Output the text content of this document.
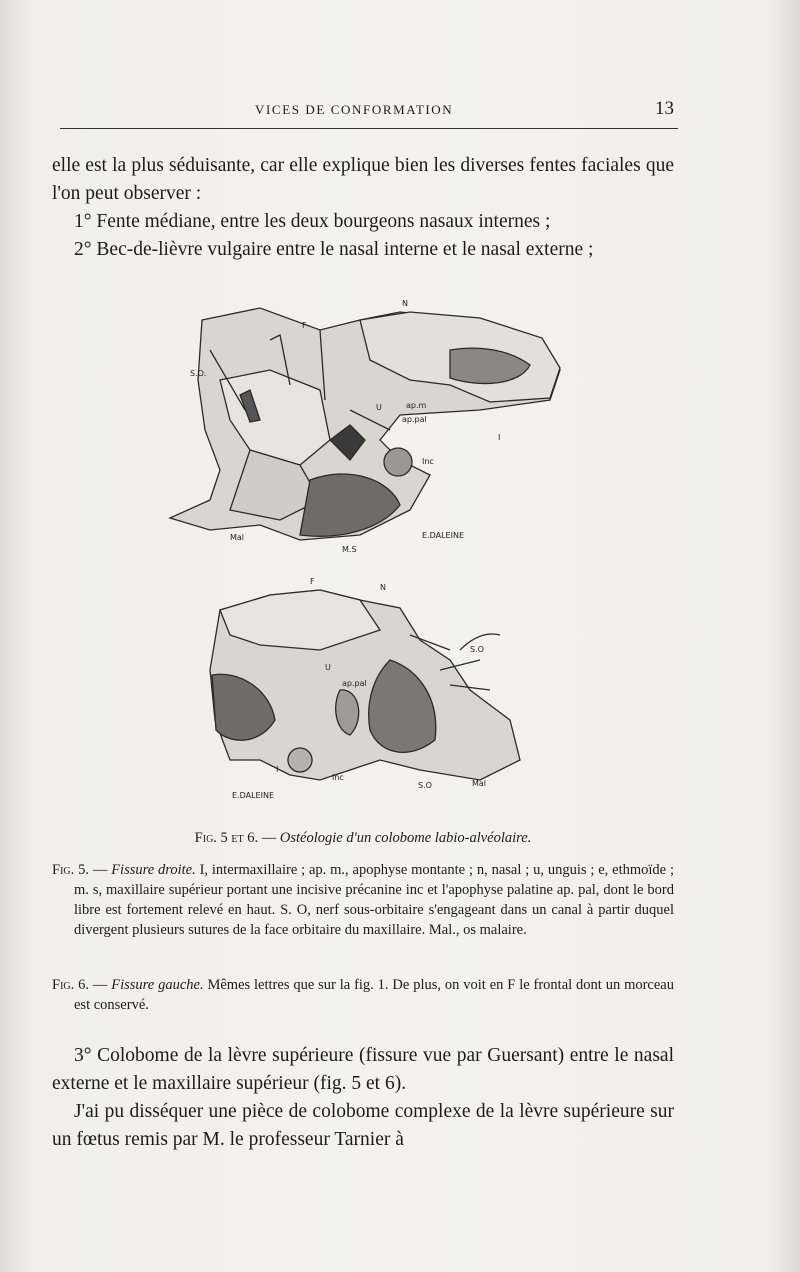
VICES DE CONFORMATION	13

elle est la plus séduisante, car elle explique bien les diverses fentes faciales que l'on peut observer :

1° Fente médiane, entre les deux bourgeons nasaux internes ;

2° Bec-de-lièvre vulgaire entre le nasal interne et le nasal externe ;

N
F
S.O.
U	ap.m
ap.pal
I
Inc
Mal
M.S
E.DALEINE
F
N
S.O
U
ap.pal
I
Inc
S.O	Mal
E.DALEINE
Fig. 5 et 6. — Ostéologie d'un colobome labio-alvéolaire.

Fig. 5. — Fissure droite. I, intermaxillaire ; ap. m., apophyse montante ; n, nasal ; u, unguis ; e, ethmoïde ; m. s, maxillaire supérieur portant une incisive précanine inc et l'apophyse palatine ap. pal, dont le bord libre est fortement relevé en haut. S. O, nerf sous-orbitaire s'engageant dans un canal à partir duquel divergent plusieurs sutures de la face orbitaire du maxillaire. Mal., os malaire.

Fig. 6. — Fissure gauche. Mêmes lettres que sur la fig. 1. De plus, on voit en F le frontal dont un morceau est conservé.

3° Colobome de la lèvre supérieure (fissure vue par Guersant) entre le nasal externe et le maxillaire supérieur (fig. 5 et 6).

J'ai pu disséquer une pièce de colobome complexe de la lèvre supérieure sur un fœtus remis par M. le professeur Tarnier à
